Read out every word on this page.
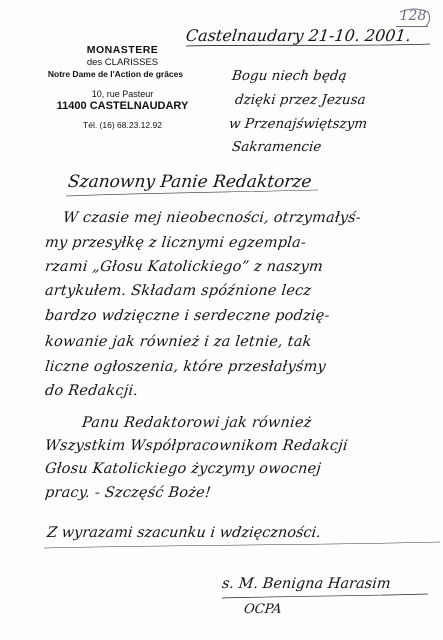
MONASTERE
des CLARISSES
Notre Dame de l'Action de grâces
10, rue Pasteur
11400 CASTELNAUDARY
Tél. (16) 68.23.12.92
128
Castelnaudary 21-10. 2001.
Bogu niech będą
dzięki przez Jezusa
w Przenajświętszym
Sakramencie
Szanowny Panie Redaktorze
W czasie mej nieobecności, otrzymałyś-
my przesyłkę z licznymi egzempla-
rzami „Głosu Katolickiego” z naszym
artykułem. Składam spóźnione lecz
bardzo wdzięczne i serdeczne podzię-
kowanie jak również i za letnie, tak
liczne ogłoszenia, które przesłałyśmy
do Redakcji.
Panu Redaktorowi jak również
Wszystkim Współpracownikom Redakcji
Głosu Katolickiego życzymy owocnej
pracy. - Szczęść Boże!
Z wyrazami szacunku i wdzięczności.
s. M. Benigna Harasim
OCPA
